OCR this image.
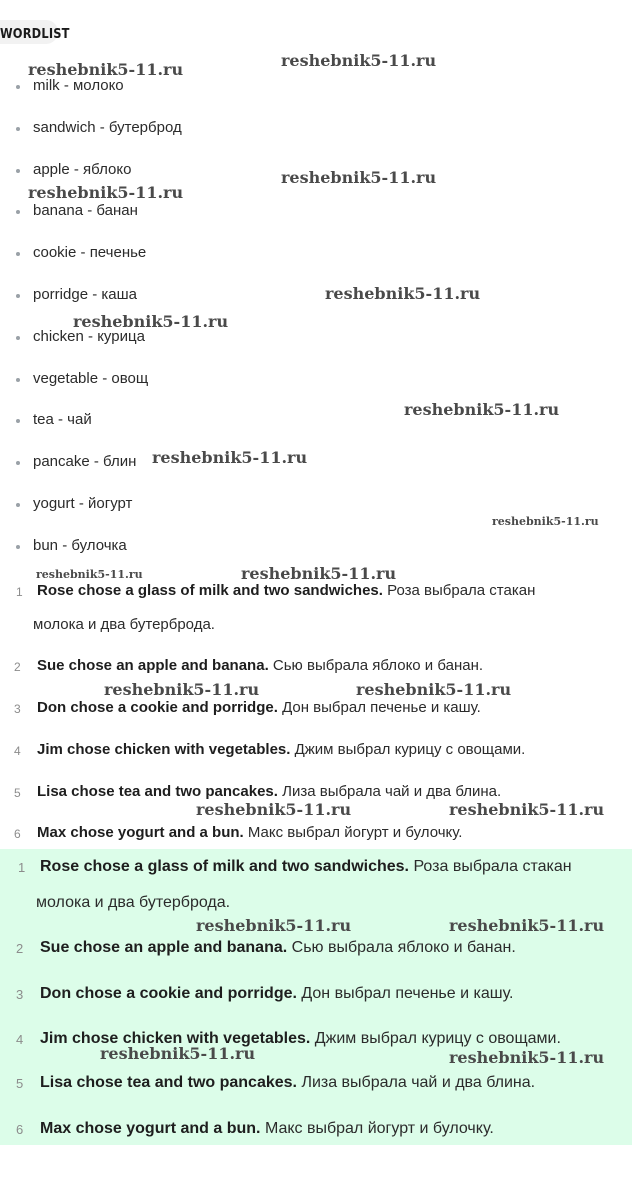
WORDLIST
milk - молоко
sandwich - бутерброд
apple - яблоко
banana - банан
cookie - печенье
porridge - каша
chicken - курица
vegetable - овощ
tea - чай
pancake - блин
yogurt - йогурт
bun - булочка
1 Rose chose a glass of milk and two sandwiches. Роза выбрала стакан
молока и два бутерброда.
2 Sue chose an apple and banana. Сью выбрала яблоко и банан.
3 Don chose a cookie and porridge. Дон выбрал печенье и кашу.
4 Jim chose chicken with vegetables. Джим выбрал курицу с овощами.
5 Lisa chose tea and two pancakes. Лиза выбрала чай и два блина.
6 Max chose yogurt and a bun. Макс выбрал йогурт и булочку.
1 Rose chose a glass of milk and two sandwiches. Роза выбрала стакан
молока и два бутерброда.
2 Sue chose an apple and banana. Сью выбрала яблоко и банан.
3 Don chose a cookie and porridge. Дон выбрал печенье и кашу.
4 Jim chose chicken with vegetables. Джим выбрал курицу с овощами.
5 Lisa chose tea and two pancakes. Лиза выбрала чай и два блина.
6 Max chose yogurt and a bun. Макс выбрал йогурт и булочку.
reshebnik5-11.ru	reshebnik5-11.ru
reshebnik5-11.ru
reshebnik5-11.ru
reshebnik5-11.ru
reshebnik5-11.ru
reshebnik5-11.ru
reshebnik5-11.ru
reshebnik5-11.ru
reshebnik5-11.ru	reshebnik5-11.ru
reshebnik5-11.ru	reshebnik5-11.ru
reshebnik5-11.ru	reshebnik5-11.ru
reshebnik5-11.ru	reshebnik5-11.ru
reshebnik5-11.ru	reshebnik5-11.ru
